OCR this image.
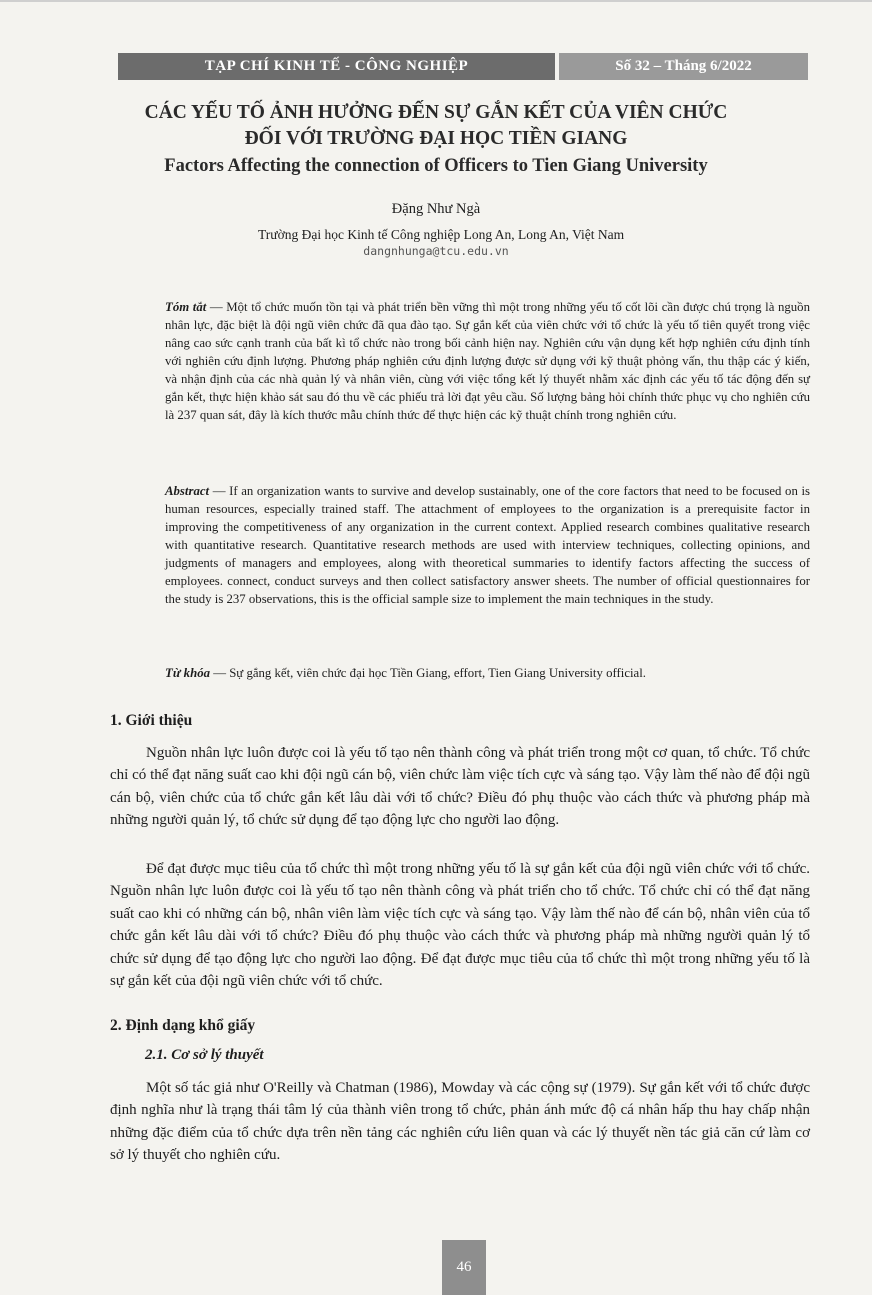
TẠP CHÍ KINH TẾ - CÔNG NGHIỆP	Số 32 – Tháng 6/2022
CÁC YẾU TỐ ẢNH HƯỞNG ĐẾN SỰ GẮN KẾT CỦA VIÊN CHỨC
ĐỐI VỚI TRƯỜNG ĐẠI HỌC TIỀN GIANG
Factors Affecting the connection of Officers to Tien Giang University
Đặng Như Ngà
Trường Đại học Kinh tế Công nghiệp Long An, Long An, Việt Nam
dangnhunga@tcu.edu.vn
Tóm tắt — Một tổ chức muốn tồn tại và phát triển bền vững thì một trong những yếu tố cốt lõi cần được chú trọng là nguồn nhân lực, đặc biệt là đội ngũ viên chức đã qua đào tạo. Sự gắn kết của viên chức với tổ chức là yếu tố tiên quyết trong việc nâng cao sức cạnh tranh của bất kì tổ chức nào trong bối cảnh hiện nay. Nghiên cứu vận dụng kết hợp nghiên cứu định tính với nghiên cứu định lượng. Phương pháp nghiên cứu định lượng được sử dụng với kỹ thuật phỏng vấn, thu thập các ý kiến, và nhận định của các nhà quản lý và nhân viên, cùng với việc tổng kết lý thuyết nhằm xác định các yếu tố tác động đến sự gắn kết, thực hiện khảo sát sau đó thu về các phiếu trả lời đạt yêu cầu. Số lượng bảng hỏi chính thức phục vụ cho nghiên cứu là 237 quan sát, đây là kích thước mẫu chính thức để thực hiện các kỹ thuật chính trong nghiên cứu.
Abstract — If an organization wants to survive and develop sustainably, one of the core factors that need to be focused on is human resources, especially trained staff. The attachment of employees to the organization is a prerequisite factor in improving the competitiveness of any organization in the current context. Applied research combines qualitative research with quantitative research. Quantitative research methods are used with interview techniques, collecting opinions, and judgments of managers and employees, along with theoretical summaries to identify factors affecting the success of employees. connect, conduct surveys and then collect satisfactory answer sheets. The number of official questionnaires for the study is 237 observations, this is the official sample size to implement the main techniques in the study.
Từ khóa — Sự gắng kết, viên chức đại học Tiền Giang, effort, Tien Giang University official.
1. Giới thiệu

Nguồn nhân lực luôn được coi là yếu tố tạo nên thành công và phát triển trong một cơ quan, tổ chức. Tổ chức chỉ có thể đạt năng suất cao khi đội ngũ cán bộ, viên chức làm việc tích cực và sáng tạo. Vậy làm thế nào để đội ngũ cán bộ, viên chức của tổ chức gắn kết lâu dài với tổ chức? Điều đó phụ thuộc vào cách thức và phương pháp mà những người quản lý, tổ chức sử dụng để tạo động lực cho người lao động.

Để đạt được mục tiêu của tổ chức thì một trong những yếu tố là sự gắn kết của đội ngũ viên chức với tổ chức. Nguồn nhân lực luôn được coi là yếu tố tạo nên thành công và phát triển cho tổ chức. Tổ chức chỉ có thể đạt năng suất cao khi có những cán bộ, nhân viên làm việc tích cực và sáng tạo. Vậy làm thế nào để cán bộ, nhân viên của tổ chức gắn kết lâu dài với tổ chức? Điều đó phụ thuộc vào cách thức và phương pháp mà những người quản lý tổ chức sử dụng để tạo động lực cho người lao động. Để đạt được mục tiêu của tổ chức thì một trong những yếu tố là sự gắn kết của đội ngũ viên chức với tổ chức.

2. Định dạng khổ giấy
2.1. Cơ sở lý thuyết

Một số tác giả như O'Reilly và Chatman (1986), Mowday và các cộng sự (1979). Sự gắn kết với tổ chức được định nghĩa như là trạng thái tâm lý của thành viên trong tổ chức, phản ánh mức độ cá nhân hấp thu hay chấp nhận những đặc điểm của tổ chức dựa trên nền tảng các nghiên cứu liên quan và các lý thuyết nền tác giả căn cứ làm cơ sở lý thuyết cho nghiên cứu.

46
